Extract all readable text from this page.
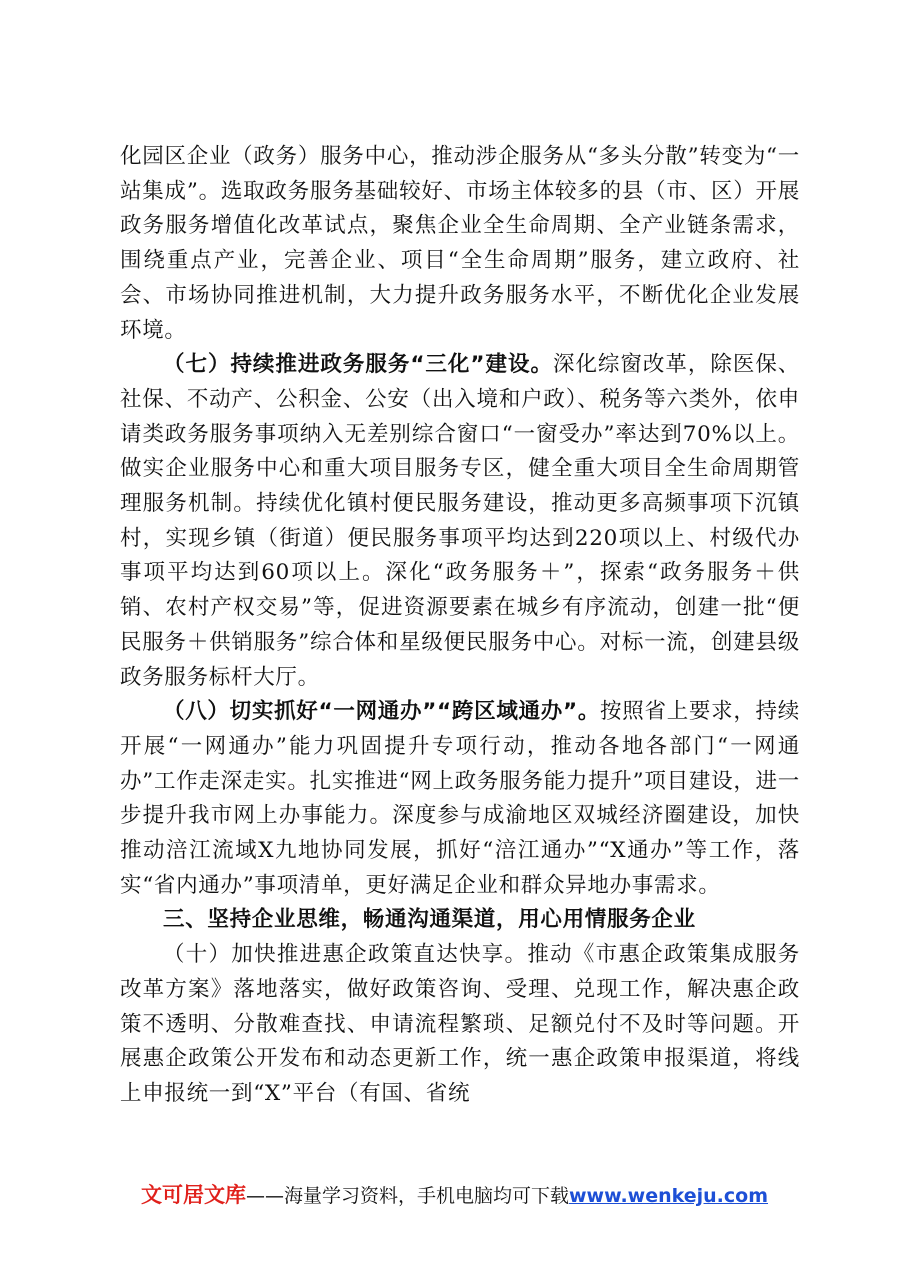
化园区企业（政务）服务中心，推动涉企服务从“多头分散”转变为“一站集成”。选取政务服务基础较好、市场主体较多的县（市、区）开展政务服务增值化改革试点，聚焦企业全生命周期、全产业链条需求，围绕重点产业，完善企业、项目“全生命周期”服务，建立政府、社会、市场协同推进机制，大力提升政务服务水平，不断优化企业发展环境。

（七）持续推进政务服务“三化”建设。深化综窗改革，除医保、社保、不动产、公积金、公安（出入境和户政）、税务等六类外，依申请类政务服务事项纳入无差别综合窗口“一窗受办”率达到70%以上。做实企业服务中心和重大项目服务专区，健全重大项目全生命周期管理服务机制。持续优化镇村便民服务建设，推动更多高频事项下沉镇村，实现乡镇（街道）便民服务事项平均达到220项以上、村级代办事项平均达到60项以上。深化“政务服务＋”，探索“政务服务＋供销、农村产权交易”等，促进资源要素在城乡有序流动，创建一批“便民服务＋供销服务”综合体和星级便民服务中心。对标一流，创建县级政务服务标杆大厅。

（八）切实抓好“一网通办”“跨区域通办”。按照省上要求，持续开展“一网通办”能力巩固提升专项行动，推动各地各部门“一网通办”工作走深走实。扎实推进“网上政务服务能力提升”项目建设，进一步提升我市网上办事能力。深度参与成渝地区双城经济圈建设，加快推动涪江流域X九地协同发展，抓好“涪江通办”“X通办”等工作，落实“省内通办”事项清单，更好满足企业和群众异地办事需求。

三、坚持企业思维，畅通沟通渠道，用心用情服务企业

（十）加快推进惠企政策直达快享。推动《市惠企政策集成服务改革方案》落地落实，做好政策咨询、受理、兑现工作，解决惠企政策不透明、分散难查找、申请流程繁琐、足额兑付不及时等问题。开展惠企政策公开发布和动态更新工作，统一惠企政策申报渠道，将线上申报统一到“X”平台（有国、省统

文可居文库——海量学习资料，手机电脑均可下载www.wenkeju.com
